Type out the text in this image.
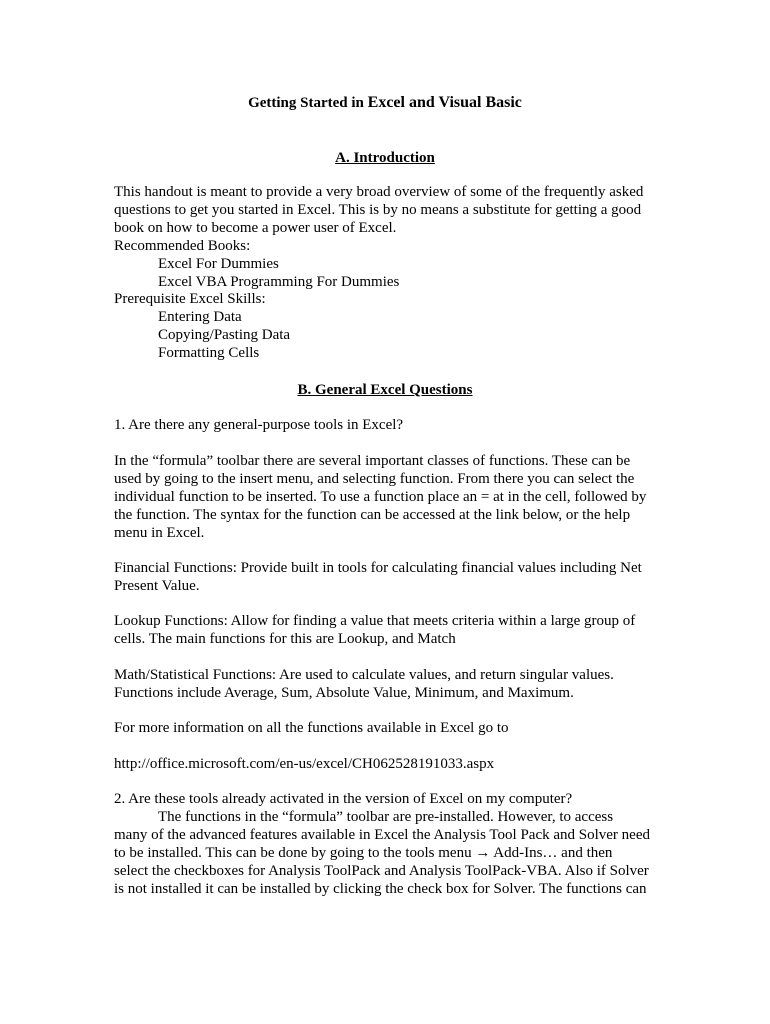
Getting Started in Excel and Visual Basic
A. Introduction

This handout is meant to provide a very broad overview of some of the frequently asked

questions to get you started in Excel. This is by no means a substitute for getting a good

book on how to become a power user of Excel.

Recommended Books:

Excel For Dummies

Excel VBA Programming For Dummies

Prerequisite Excel Skills:

Entering Data

Copying/Pasting Data

Formatting Cells

B. General Excel Questions

1. Are there any general-purpose tools in Excel?

In the “formula” toolbar there are several important classes of functions. These can be

used by going to the insert menu, and selecting function. From there you can select the

individual function to be inserted. To use a function place an = at in the cell, followed by

the function. The syntax for the function can be accessed at the link below, or the help

menu in Excel.

Financial Functions: Provide built in tools for calculating financial values including Net

Present Value.

Lookup Functions: Allow for finding a value that meets criteria within a large group of

cells. The main functions for this are Lookup, and Match

Math/Statistical Functions: Are used to calculate values, and return singular values.

Functions include Average, Sum, Absolute Value, Minimum, and Maximum.

For more information on all the functions available in Excel go to

http://office.microsoft.com/en-us/excel/CH062528191033.aspx

2. Are these tools already activated in the version of Excel on my computer?

The functions in the “formula” toolbar are pre-installed. However, to access

many of the advanced features available in Excel the Analysis Tool Pack and Solver need

to be installed. This can be done by going to the tools menu → Add-Ins… and then

select the checkboxes for Analysis ToolPack and Analysis ToolPack-VBA. Also if Solver

is not installed it can be installed by clicking the check box for Solver. The functions can
